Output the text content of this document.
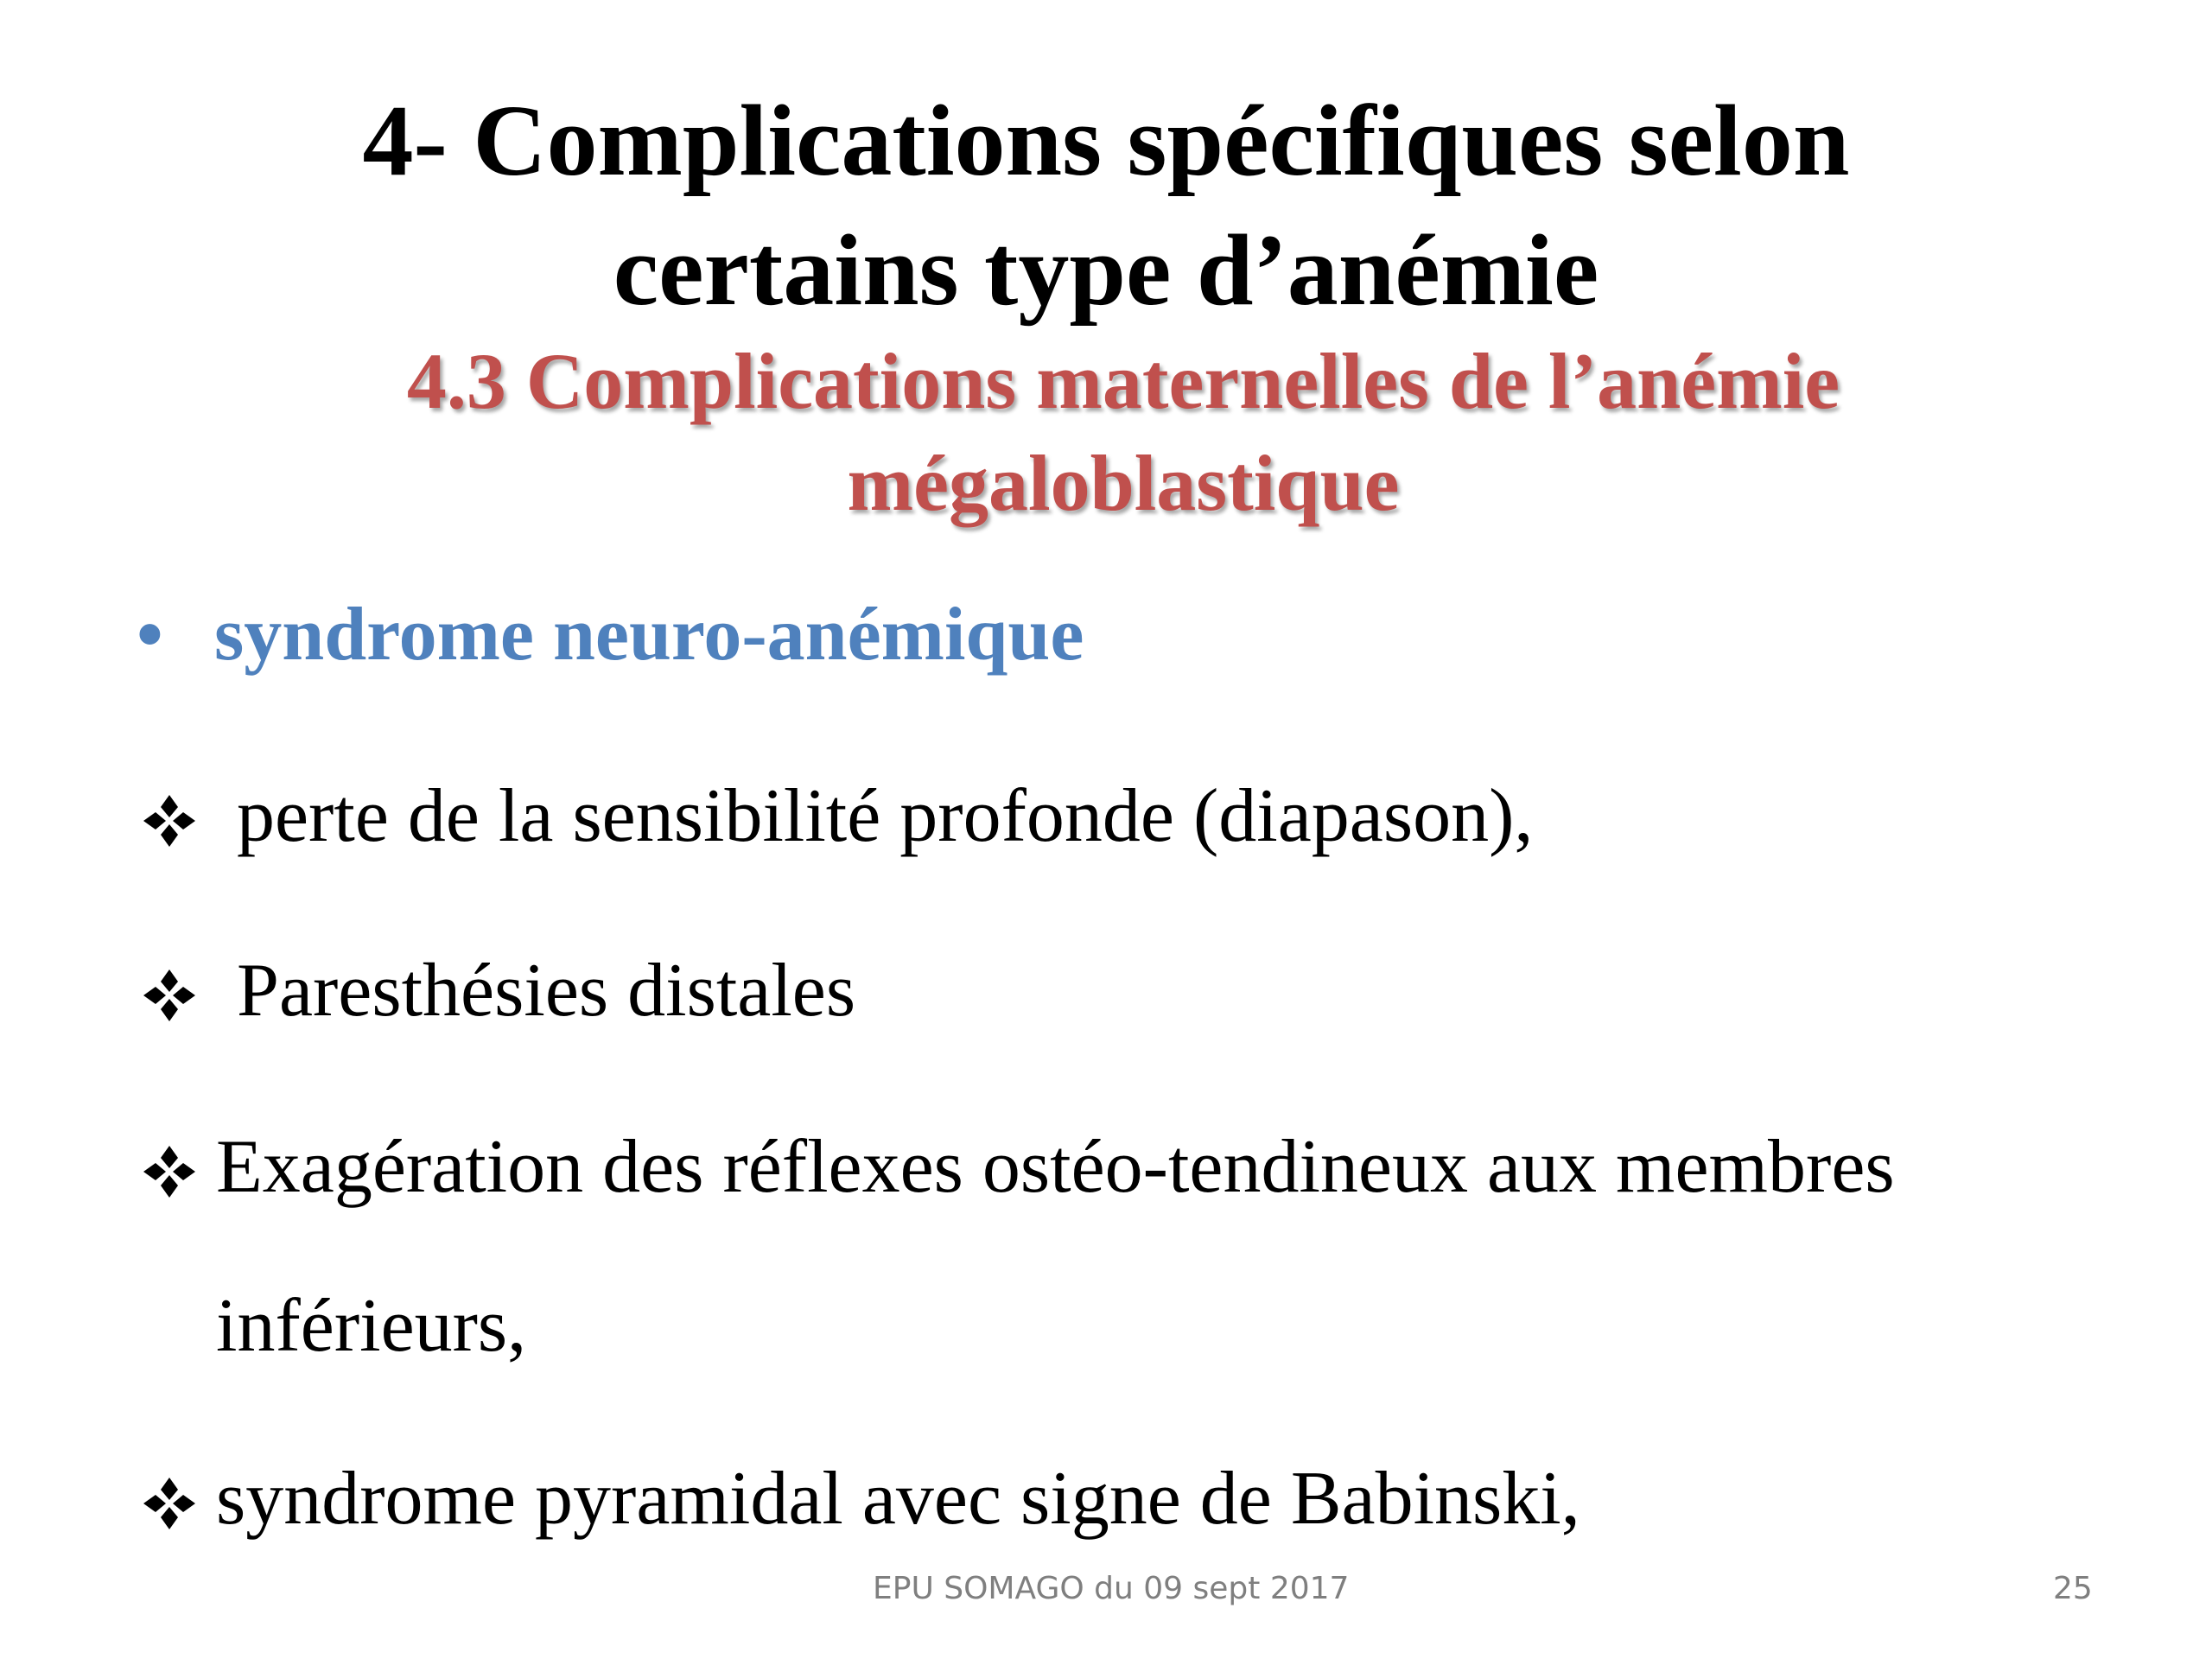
4- Complications spécifiques selon
certains type d’anémie
4.3 Complications maternelles de l’anémie
mégaloblastique
• syndrome neuro-anémique
perte de la sensibilité profonde (diapason),
Paresthésies distales
Exagération des réflexes ostéo-tendineux aux membres
inférieurs,
syndrome pyramidal avec signe de Babinski,
EPU SOMAGO du 09 sept 2017	25
